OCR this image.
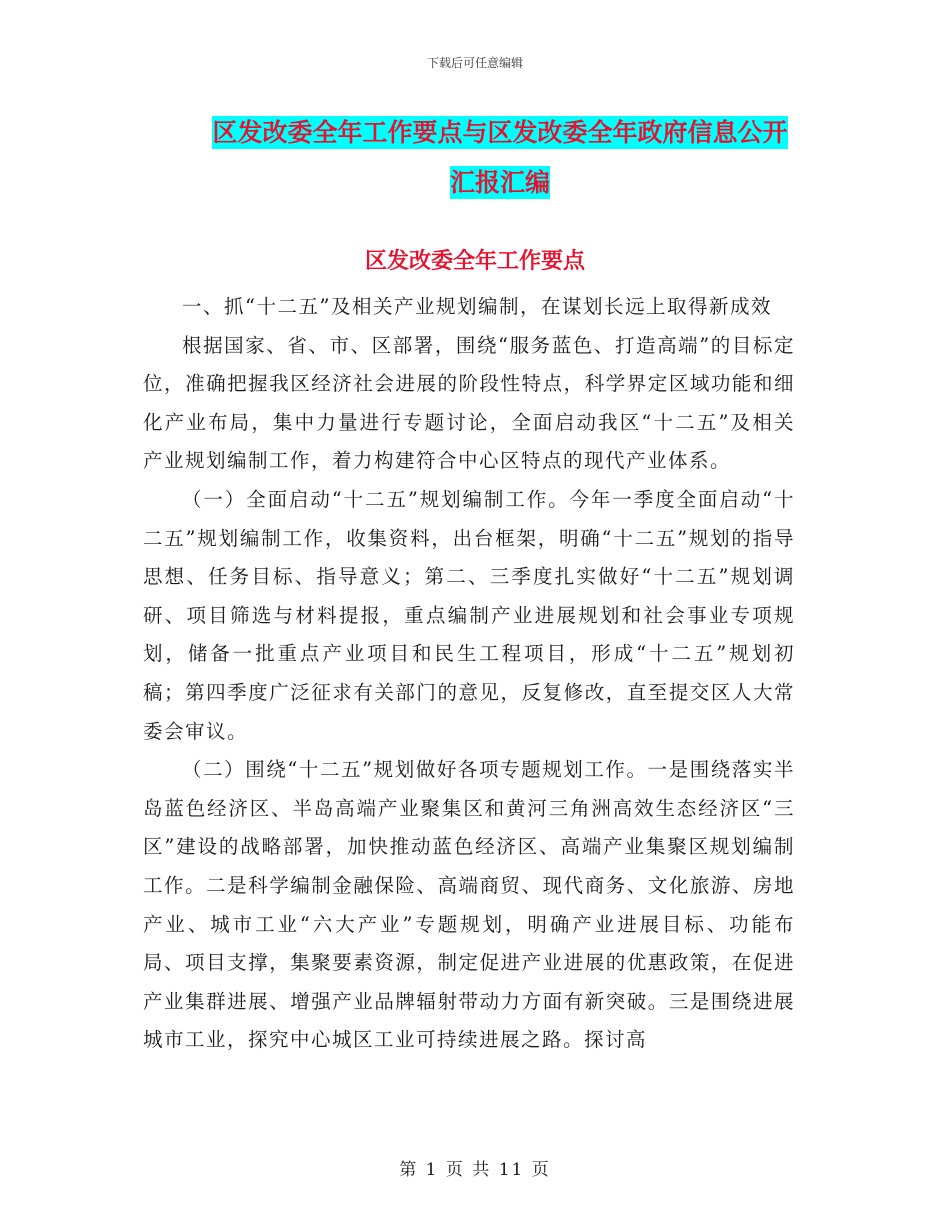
下载后可任意编辑
区发改委全年工作要点与区发改委全年政府信息公开
汇报汇编
区发改委全年工作要点

一、抓“十二五”及相关产业规划编制，在谋划长远上取得新成效

根据国家、省、市、区部署，围绕“服务蓝色、打造高端”的目标定位，准确把握我区经济社会进展的阶段性特点，科学界定区域功能和细化产业布局，集中力量进行专题讨论，全面启动我区“十二五”及相关产业规划编制工作，着力构建符合中心区特点的现代产业体系。

（一）全面启动“十二五”规划编制工作。今年一季度全面启动“十二五”规划编制工作，收集资料，出台框架，明确“十二五”规划的指导思想、任务目标、指导意义；第二、三季度扎实做好“十二五”规划调研、项目筛选与材料提报，重点编制产业进展规划和社会事业专项规划，储备一批重点产业项目和民生工程项目，形成“十二五”规划初稿；第四季度广泛征求有关部门的意见，反复修改，直至提交区人大常委会审议。

（二）围绕“十二五”规划做好各项专题规划工作。一是围绕落实半岛蓝色经济区、半岛高端产业聚集区和黄河三角洲高效生态经济区“三区”建设的战略部署，加快推动蓝色经济区、高端产业集聚区规划编制工作。二是科学编制金融保险、高端商贸、现代商务、文化旅游、房地产业、城市工业“六大产业”专题规划，明确产业进展目标、功能布局、项目支撑，集聚要素资源，制定促进产业进展的优惠政策，在促进产业集群进展、增强产业品牌辐射带动力方面有新突破。三是围绕进展城市工业，探究中心城区工业可持续进展之路。探讨高

第 1 页 共 11 页
